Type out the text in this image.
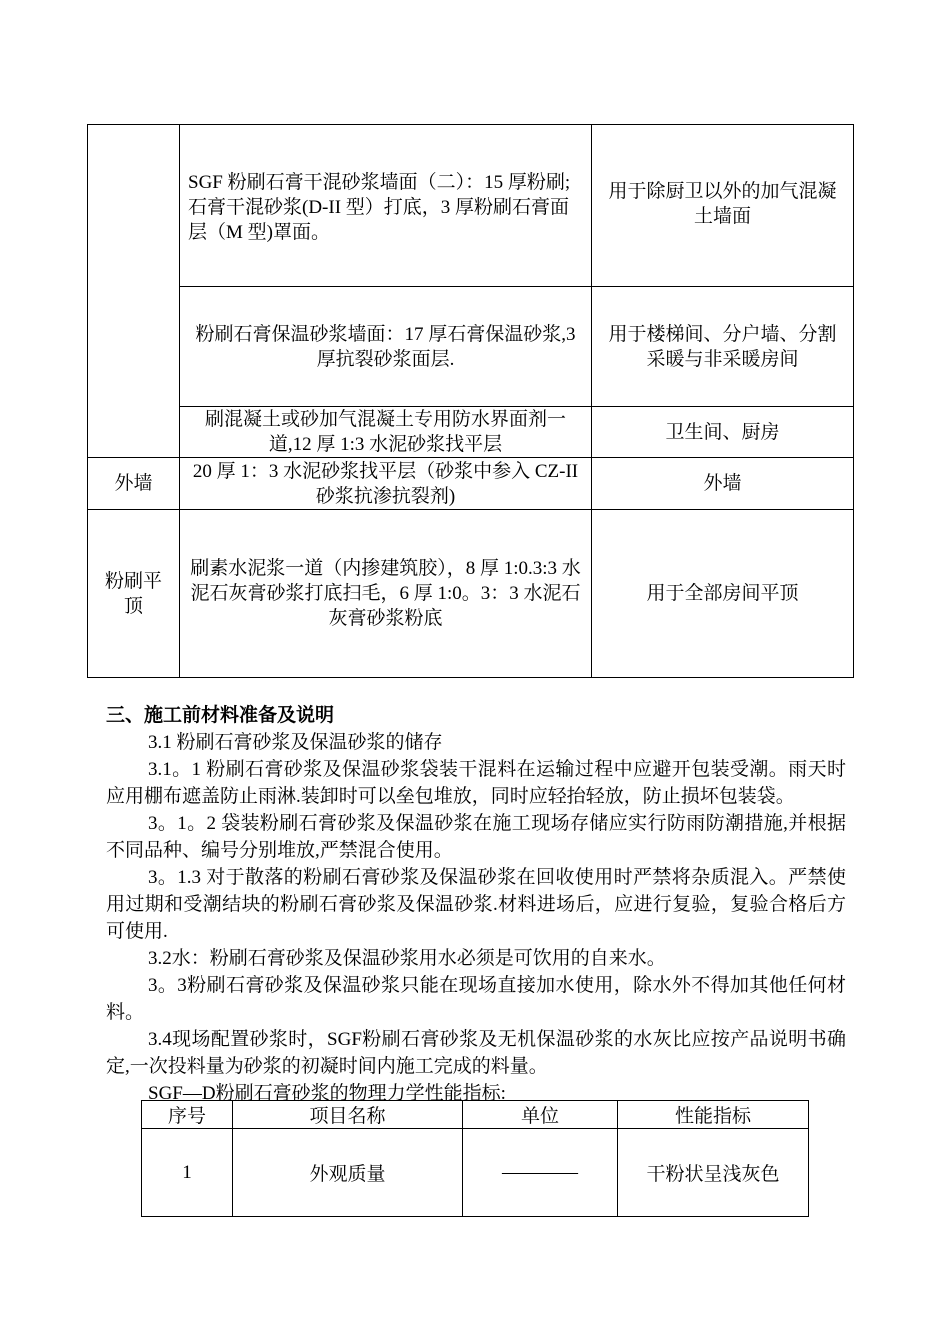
	SGF 粉刷石膏干混砂浆墙面（二）：15 厚粉刷;石膏干混砂浆(D-II 型）打底，3 厚粉刷石膏面层（M 型)罩面。	用于除厨卫以外的加气混凝土墙面
	粉刷石膏保温砂浆墙面：17 厚石膏保温砂浆,3 厚抗裂砂浆面层.	用于楼梯间、分户墙、分割采暖与非采暖房间
	刷混凝土或砂加气混凝土专用防水界面剂一道,12 厚 1:3 水泥砂浆找平层	卫生间、厨房
外墙	20 厚 1：3 水泥砂浆找平层（砂浆中参入 CZ-II 砂浆抗渗抗裂剂)	外墙
粉刷平顶	刷素水泥浆一道（内掺建筑胶），8 厚 1:0.3:3 水泥石灰膏砂浆打底扫毛，6 厚 1:0。3：3 水泥石灰膏砂浆粉底	用于全部房间平顶
三、施工前材料准备及说明

3.1 粉刷石膏砂浆及保温砂浆的储存

3.1。1 粉刷石膏砂浆及保温砂浆袋装干混料在运输过程中应避开包装受潮。雨天时应用棚布遮盖防止雨淋.装卸时可以垒包堆放，同时应轻抬轻放，防止损坏包装袋。

3。1。2 袋装粉刷石膏砂浆及保温砂浆在施工现场存储应实行防雨防潮措施,并根据不同品种、编号分别堆放,严禁混合使用。

3。1.3 对于散落的粉刷石膏砂浆及保温砂浆在回收使用时严禁将杂质混入。严禁使用过期和受潮结块的粉刷石膏砂浆及保温砂浆.材料进场后，应进行复验，复验合格后方可使用.

3.2水：粉刷石膏砂浆及保温砂浆用水必须是可饮用的自来水。

3。3粉刷石膏砂浆及保温砂浆只能在现场直接加水使用，除水外不得加其他任何材料。

3.4现场配置砂浆时，SGF粉刷石膏砂浆及无机保温砂浆的水灰比应按产品说明书确定,一次投料量为砂浆的初凝时间内施工完成的料量。

SGF—D粉刷石膏砂浆的物理力学性能指标:

序号	项目名称	单位	性能指标
1	外观质量	————	干粉状呈浅灰色
